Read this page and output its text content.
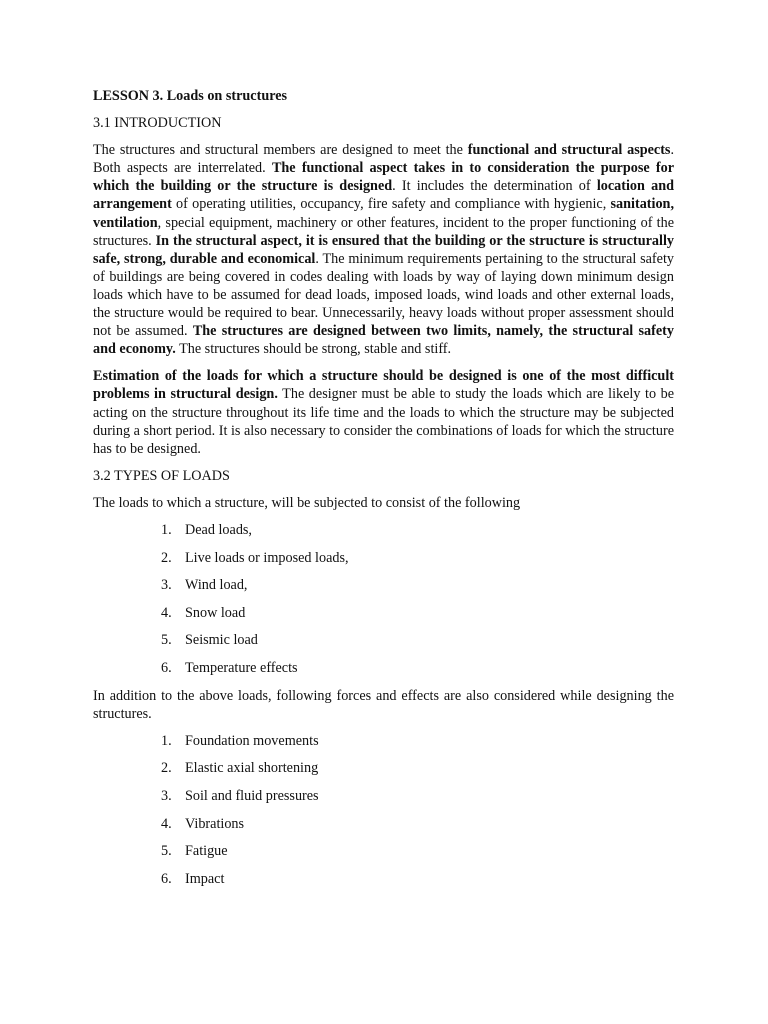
LESSON 3. Loads on structures
3.1 INTRODUCTION

The structures and structural members are designed to meet the functional and structural aspects. Both aspects are interrelated. The functional aspect takes in to consideration the purpose for which the building or the structure is designed. It includes the determination of location and arrangement of operating utilities, occupancy, fire safety and compliance with hygienic, sanitation, ventilation, special equipment, machinery or other features, incident to the proper functioning of the structures. In the structural aspect, it is ensured that the building or the structure is structurally safe, strong, durable and economical. The minimum requirements pertaining to the structural safety of buildings are being covered in codes dealing with loads by way of laying down minimum design loads which have to be assumed for dead loads, imposed loads, wind loads and other external loads, the structure would be required to bear. Unnecessarily, heavy loads without proper assessment should not be assumed. The structures are designed between two limits, namely, the structural safety and economy. The structures should be strong, stable and stiff.

Estimation of the loads for which a structure should be designed is one of the most difficult problems in structural design. The designer must be able to study the loads which are likely to be acting on the structure throughout its life time and the loads to which the structure may be subjected during a short period. It is also necessary to consider the combinations of loads for which the structure has to be designed.

3.2 TYPES OF LOADS

The loads to which a structure, will be subjected to consist of the following

1. Dead loads,
2. Live loads or imposed loads,
3. Wind load,
4. Snow load
5. Seismic load
6. Temperature effects

In addition to the above loads, following forces and effects are also considered while designing the structures.

1. Foundation movements
2. Elastic axial shortening
3. Soil and fluid pressures
4. Vibrations
5. Fatigue
6. Impact
